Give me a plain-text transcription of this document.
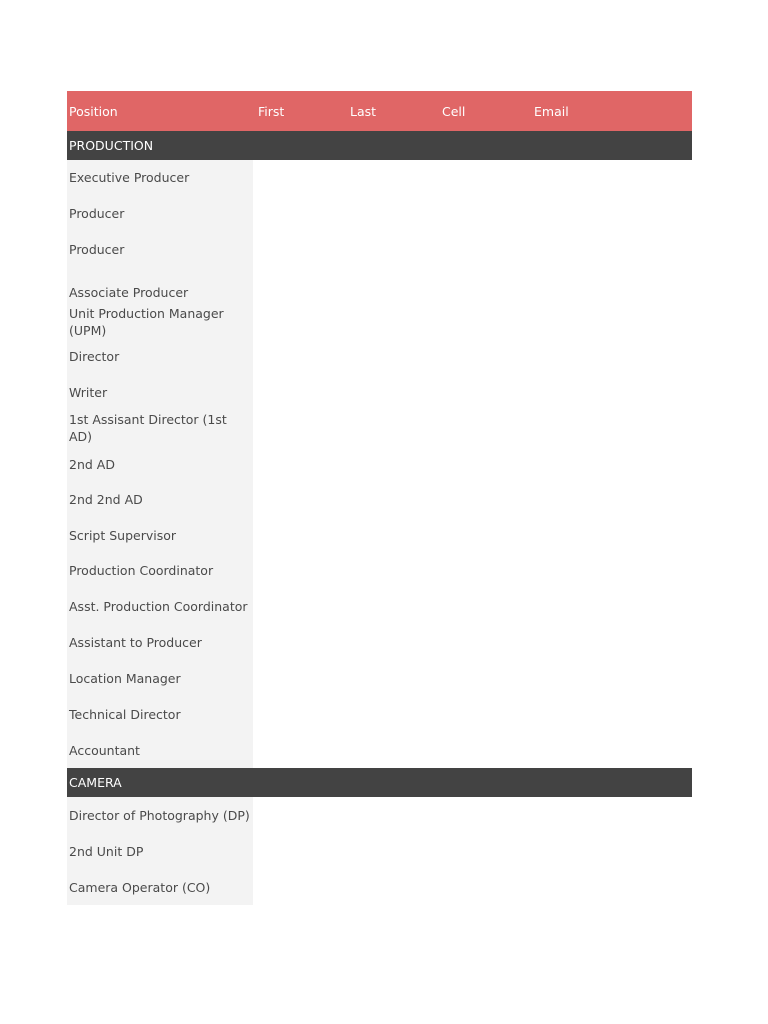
Position	First	Last	Cell	Email
PRODUCTION
Executive Producer
Producer
Producer
Associate Producer
Unit Production Manager (UPM)
Director
Writer
1st Assisant Director (1st AD)
2nd AD
2nd 2nd AD
Script Supervisor
Production Coordinator
Asst. Production Coordinator
Assistant to Producer
Location Manager
Technical Director
Accountant
CAMERA
Director of Photography (DP)
2nd Unit DP
Camera Operator (CO)
